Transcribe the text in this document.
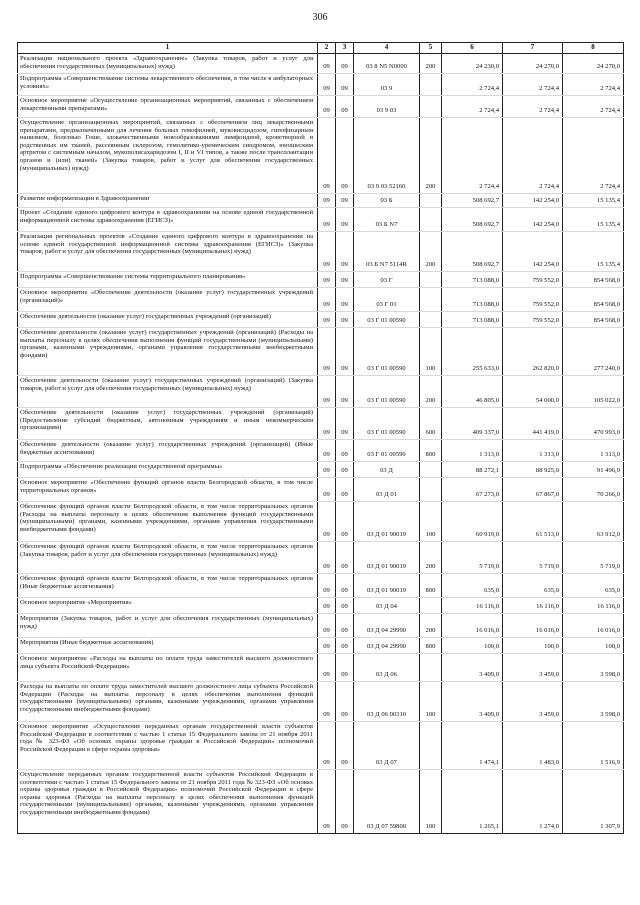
306
1	2	3	4	5	6	7	8
Реализация национального проекта «Здравоохранение» (Закупка товаров, работ и услуг для обеспечения государственных (муниципальных) нужд)	09	09	03 8 N5 N0000	200	24 230,0	24 270,0	24 270,0
Подпрограмма «Совершенствование системы лекарственного обеспечения, в том числе в амбулаторных условиях»	09	09	03 9		2 724,4	2 724,4	2 724,4
Основное мероприятие «Осуществление организационных мероприятий, связанных с обеспечением лекарственными препаратами»	09	09	03 9 03		2 724,4	2 724,4	2 724,4
Осуществление организационных мероприятий, связанных с обеспечением лиц лекарственными препаратами, предназначенными для лечения больных гемофилией, муковисцидозом, гипофизарным нанизмом, болезнью Гоше, злокачественными новообразованиями лимфоидной, кроветворной и родственных им тканей, рассеянным склерозом, гемолитико-уремическим синдромом, юношеским артритом с системным началом, мукополисахаридозом I, II и VI типов, а также после трансплантации органов и (или) тканей» (Закупка товаров, работ и услуг для обеспечения государственных (муниципальных) нужд)	09	09	03 9 03 52160	200	2 724,4	2 724,4	2 724,4
Развитие информатизации в Здравоохранении	09	09	03 Б		508 692,7	142 254,0	15 135,4
Проект «Создание единого цифрового контура в здравоохранении на основе единой государственной информационной системы здравоохранения (ЕГИСЗ)»	09	09	03 Б N7		508 692,7	142 254,0	15 135,4
Реализация региональных проектов «Создание единого цифрового контура в здравоохранении на основе единой государственной информационной системы здравоохранения (ЕГИСЗ)» (Закупка товаров, работ и услуг для обеспечения государственных (муниципальных) нужд)	09	09	03 Б N7 5114R	200	508 692,7	142 254,0	15 135,4
Подпрограмма «Совершенствование системы территориального планирования»	09	09	03 Г		713 088,0	759 552,0	854 568,0
Основное мероприятие «Обеспечение деятельности (оказание услуг) государственных учреждений (организаций)»	09	09	03 Г 01		713 088,0	759 552,0	854 568,0
Обеспечение деятельности (оказание услуг) государственных учреждений (организаций)	09	09	03 Г 01 00590		713 088,0	759 552,0	854 568,0
Обеспечение деятельности (оказание услуг) государственных учреждений (организаций) (Расходы на выплаты персоналу в целях обеспечения выполнения функций государственными (муниципальными) органами, казенными учреждениями, органами управления государственными внебюджетными фондами)	09	09	03 Г 01 00590	100	255 633,0	262 820,0	277 240,0
Обеспечение деятельности (оказание услуг) государственных учреждений (организаций) (Закупка товаров, работ и услуг для обеспечения государственных (муниципальных) нужд)	09	09	03 Г 01 00590	200	46 805,0	54 000,0	105 022,0
Обеспечение деятельности (оказание услуг) государственных учреждений (организаций) (Предоставление субсидий бюджетным, автономным учреждениям и иным некоммерческим организациям)	09	09	03 Г 01 00590	600	409 337,0	441 419,0	470 993,0
Обеспечение деятельности (оказание услуг) государственных учреждений (организаций) (Иные бюджетные ассигнования)	09	09	03 Г 01 00590	800	1 313,0	1 313,0	1 313,0
Подпрограмма «Обеспечение реализации государственной программы»	09	09	03 Д		88 272,1	88 925,0	91 496,9
Основное мероприятие «Обеспечение функций органов власти Белгородской области, в том числе территориальных органов»	09	09	03 Д 01		67 273,0	67 867,0	70 266,0
Обеспечение функций органов власти Белгородской области, в том числе территориальных органов (Расходы на выплаты персоналу в целях обеспечения выполнения функций государственными (муниципальными) органами, казенными учреждениями, органами управления государственными внебюджетными фондами)	09	09	03 Д 01 90019	100	60 919,0	61 513,0	63 912,0
Обеспечение функций органов власти Белгородской области, в том числе территориальных органов (Закупка товаров, работ и услуг для обеспечения государственных (муниципальных) нужд)	09	09	03 Д 01 90019	200	5 719,0	5 719,0	5 719,0
Обеспечение функций органов власти Белгородской области, в том числе территориальных органов (Иные бюджетные ассигнования)	09	09	03 Д 01 90019	800	635,0	635,0	635,0
Основное мероприятие «Мероприятия»	09	09	03 Д 04		16 116,0	16 116,0	16 116,0
Мероприятия (Закупка товаров, работ и услуг для обеспечения государственных (муниципальных) нужд)	09	09	03 Д 04 29990	200	16 016,0	16 016,0	16 016,0
Мероприятия (Иные бюджетные ассигнования)	09	09	03 Д 04 29990	800	100,0	100,0	100,0
Основное мероприятие «Расходы на выплаты по оплате труда заместителей высшего должностного лица субъекта Российской Федерации»	09	09	03 Д 06		3 409,0	3 459,0	3 598,0
Расходы на выплаты по оплате труда заместителей высшего должностного лица субъекта Российской Федерации (Расходы на выплаты персоналу в целях обеспечения выполнения функций государственными (муниципальными) органами, казенными учреждениями, органами управления государственными внебюджетными фондами)	09	09	03 Д 06 00310	100	3 409,0	3 459,0	3 598,0
Основное мероприятие «Осуществление переданных органам государственной власти субъектов Российской Федерации в соответствии с частью 1 статьи 15 Федерального закона от 21 ноября 2011 года № 323-ФЗ «Об основах охраны здоровья граждан в Российской Федерации» полномочий Российской Федерации в сфере охраны здоровья»	09	09	03 Д 07		1 474,1	1 483,0	1 516,9
Осуществление переданных органам государственной власти субъектов Российской Федерации в соответствии с частью 1 статьи 15 Федерального закона от 21 ноября 2011 года № 323-ФЗ «Об основах охраны здоровья граждан в Российской Федерации» полномочий Российской Федерации в сфере охраны здоровья (Расходы на выплаты персоналу в целях обеспечения выполнения функций государственными (муниципальными) органами, казенными учреждениями, органами управления государственными внебюджетными фондами)	09	09	03 Д 07 59800	100	1 265,1	1 274,0	1 307,9
